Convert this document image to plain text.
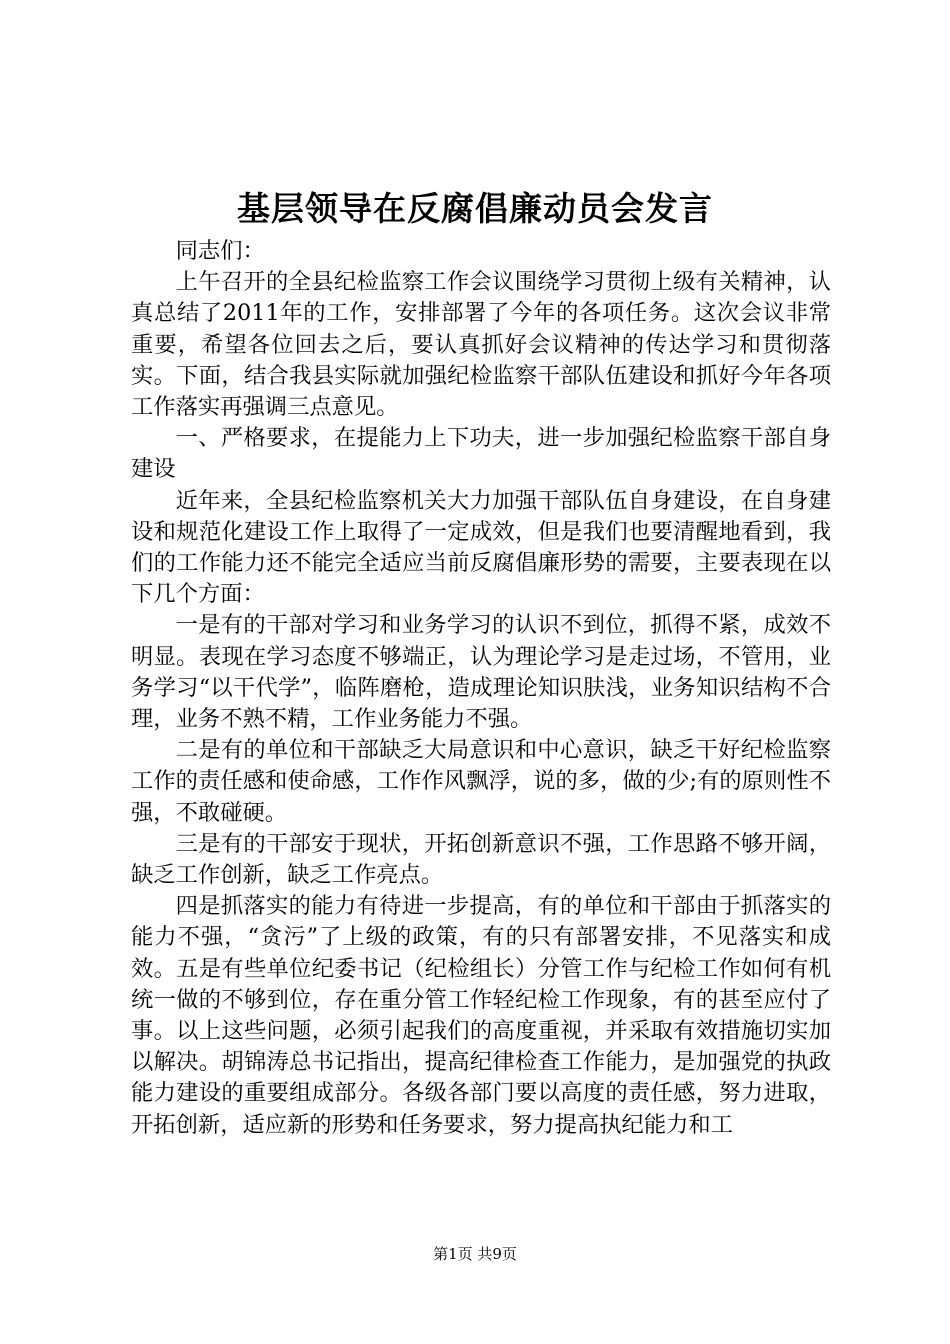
基层领导在反腐倡廉动员会发言

同志们：

上午召开的全县纪检监察工作会议围绕学习贯彻上级有关精神，认真总结了2011年的工作，安排部署了今年的各项任务。这次会议非常重要，希望各位回去之后，要认真抓好会议精神的传达学习和贯彻落实。下面，结合我县实际就加强纪检监察干部队伍建设和抓好今年各项工作落实再强调三点意见。

一、严格要求，在提能力上下功夫，进一步加强纪检监察干部自身建设

近年来，全县纪检监察机关大力加强干部队伍自身建设，在自身建设和规范化建设工作上取得了一定成效，但是我们也要清醒地看到，我们的工作能力还不能完全适应当前反腐倡廉形势的需要，主要表现在以下几个方面：

一是有的干部对学习和业务学习的认识不到位，抓得不紧，成效不明显。表现在学习态度不够端正，认为理论学习是走过场，不管用，业务学习“以干代学”，临阵磨枪，造成理论知识肤浅，业务知识结构不合理，业务不熟不精，工作业务能力不强。

二是有的单位和干部缺乏大局意识和中心意识，缺乏干好纪检监察工作的责任感和使命感，工作作风飘浮，说的多，做的少;有的原则性不强，不敢碰硬。

三是有的干部安于现状，开拓创新意识不强，工作思路不够开阔，缺乏工作创新，缺乏工作亮点。

四是抓落实的能力有待进一步提高，有的单位和干部由于抓落实的能力不强，“贪污”了上级的政策，有的只有部署安排，不见落实和成效。五是有些单位纪委书记（纪检组长）分管工作与纪检工作如何有机统一做的不够到位，存在重分管工作轻纪检工作现象，有的甚至应付了事。以上这些问题，必须引起我们的高度重视，并采取有效措施切实加以解决。胡锦涛总书记指出，提高纪律检查工作能力，是加强党的执政能力建设的重要组成部分。各级各部门要以高度的责任感，努力进取，开拓创新，适应新的形势和任务要求，努力提高执纪能力和工

第1页 共9页
